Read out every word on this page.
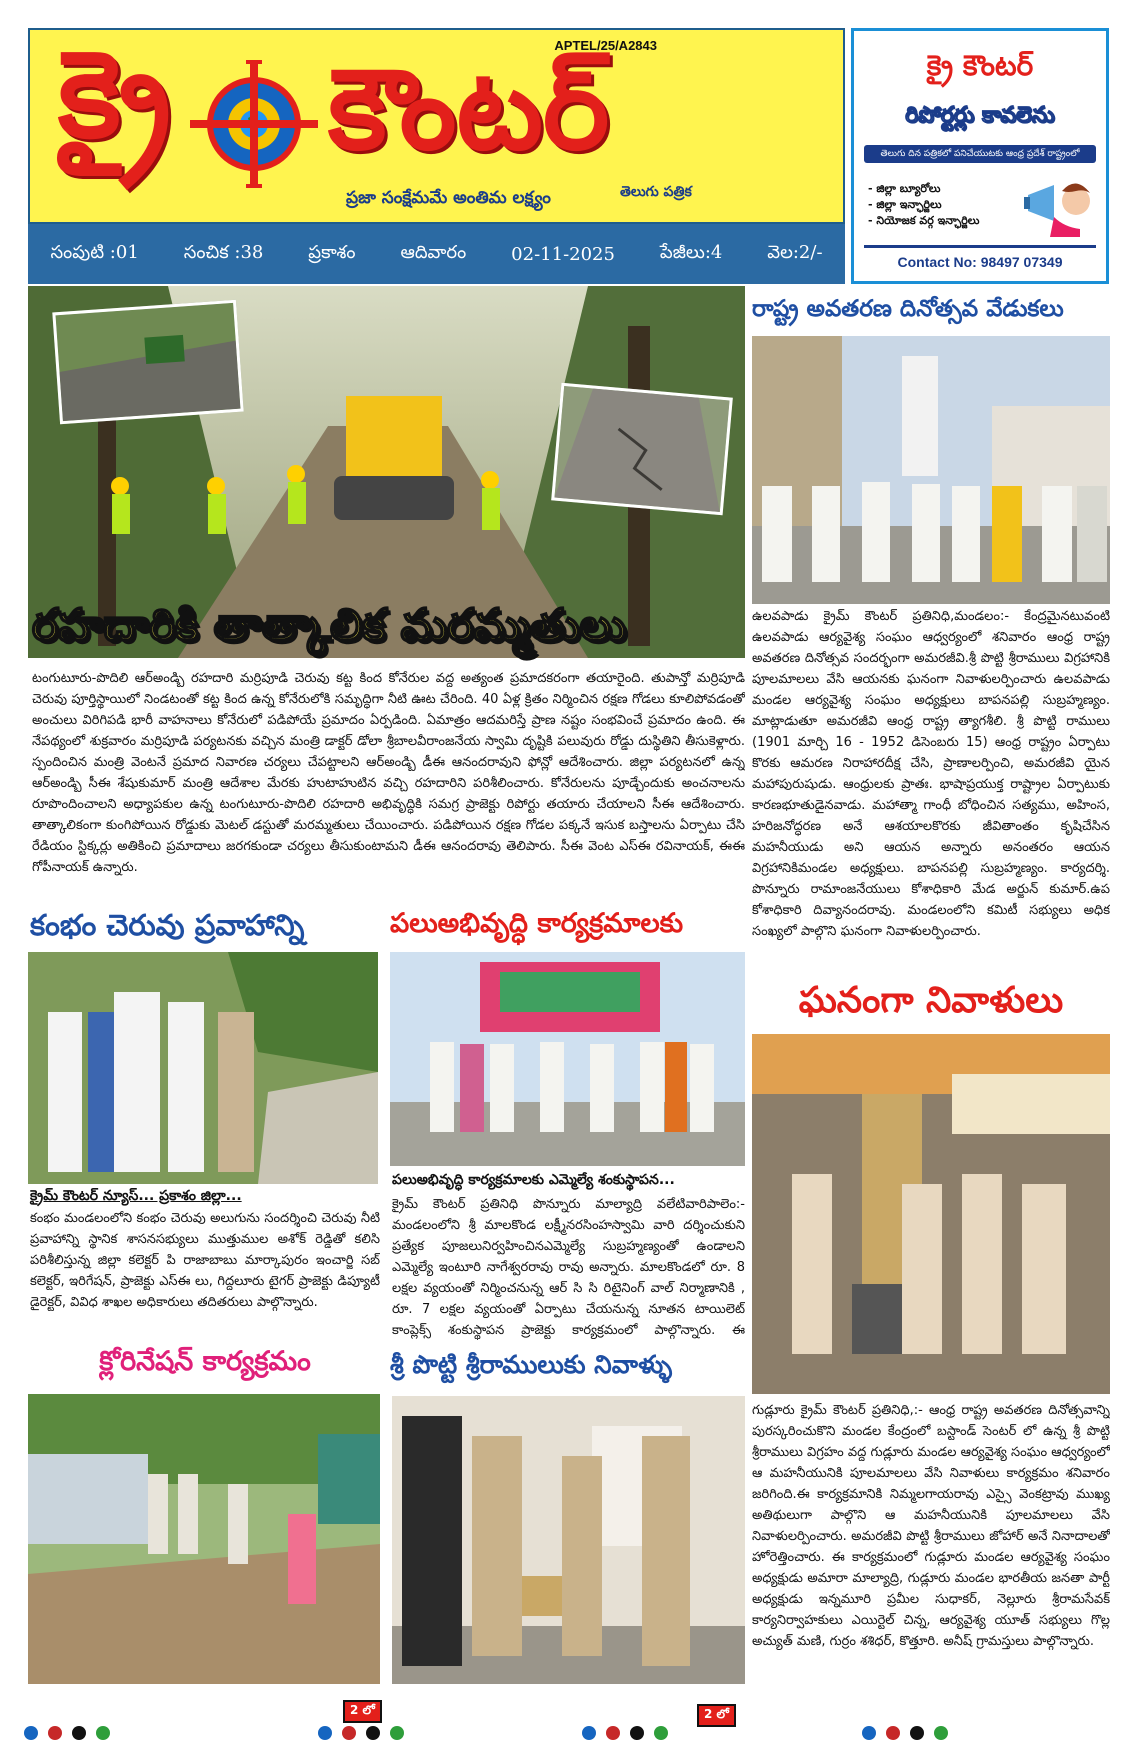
APTEL/25/A2843
క్రై కౌంటర్
ప్రజా సంక్షేమమే అంతిమ లక్ష్యం	తెలుగు పత్రిక
సంపుటి :01 సంచిక :38 ప్రకాశం ఆదివారం 02-11-2025 పేజీలు:4 వెల:2/-
క్రై కౌంటర్
రిపోర్టర్లు కావలెను
తెలుగు దిన పత్రికలో పనిచేయుటకు ఆంధ్ర ప్రదేశ్ రాష్ట్రంలో
- జిల్లా బ్యూరోలు
- జిల్లా ఇన్ఛార్జిలు
- నియోజక వర్గ ఇన్ఛార్జిలు
Contact No: 98497 07349
రహదారికి తాత్కాలిక మరమ్మతులు
టంగుటూరు-పొదిలి ఆర్అండ్బి రహదారి మర్రిపూడి చెరువు కట్ట కింద కోనేరుల వద్ద అత్యంత ప్రమాదకరంగా తయారైంది. తుపాన్తో మర్రిపూడి చెరువు పూర్తిస్థాయిలో నిండటంతో కట్ట కింద ఉన్న కోనేరులోకి సమృద్ధిగా నీటి ఊట చేరింది. 40 ఏళ్ల క్రితం నిర్మించిన రక్షణ గోడలు కూలిపోవడంతో అంచులు విరిగిపడి భారీ వాహనాలు కోనేరులో పడిపోయే ప్రమాదం ఏర్పడింది. ఏమాత్రం ఆదమరిస్తే ప్రాణ నష్టం సంభవించే ప్రమాదం ఉంది. ఈ నేపథ్యంలో శుక్రవారం మర్రిపూడి పర్యటనకు వచ్చిన మంత్రి డాక్టర్ డోలా శ్రీబాలవీరాంజనేయ స్వామి దృష్టికి పలువురు రోడ్డు దుస్థితిని తీసుకెళ్లారు. స్పందించిన మంత్రి వెంటనే ప్రమాద నివారణ చర్యలు చేపట్టాలని ఆర్అండ్బి డీఈ ఆనందరావుని ఫోన్లో ఆదేశించారు. జిల్లా పర్యటనలో ఉన్న ఆర్అండ్బి సీఈ శేషుకుమార్ మంత్రి ఆదేశాల మేరకు హుటాహుటిన వచ్చి రహదారిని పరిశీలించారు. కోనేరులను పూడ్చేందుకు అంచనాలను రూపొందించాలని అధ్యాపకుల ఉన్న టంగుటూరు-పొదిలి రహదారి అభివృద్ధికి సమగ్ర ప్రాజెక్టు రిపోర్టు తయారు చేయాలని సీఈ ఆదేశించారు. తాత్కాలికంగా కుంగిపోయిన రోడ్డుకు మెటల్ డస్టుతో మరమ్మతులు చేయించారు. పడిపోయిన రక్షణ గోడల పక్కనే ఇసుక బస్తాలను ఏర్పాటు చేసి రేడియం స్టిక్కర్లు అతికించి ప్రమాదాలు జరగకుండా చర్యలు తీసుకుంటామని డీఈ ఆనందరావు తెలిపారు. సీఈ వెంట ఎస్ఈ రవినాయక్, ఈఈ గోపీనాయక్ ఉన్నారు.
రాష్ట్ర అవతరణ దినోత్సవ వేడుకలు
ఉలవపాడు క్రైమ్ కౌంటర్ ప్రతినిధి,మండలం:- కేంద్రమైనటువంటి ఉలవపాడు ఆర్యవైశ్య సంఘం ఆధ్వర్యంలో శనివారం ఆంధ్ర రాష్ట్ర అవతరణ దినోత్సవ సందర్భంగా అమరజీవి.శ్రీ పొట్టి శ్రీరాములు విగ్రహానికి పూలమాలలు వేసి ఆయనకు ఘనంగా నివాళులర్పించారు ఉలవపాడు మండల ఆర్యవైశ్య సంఘం అధ్యక్షులు బాపనపల్లి సుబ్రహ్మణ్యం. మాట్లాడుతూ అమరజీవి ఆంధ్ర రాష్ట్ర త్యాగశీలి. శ్రీ పొట్టి రాములు (1901 మార్చి 16 - 1952 డిసెంబరు 15) ఆంధ్ర రాష్ట్రం ఏర్పాటు కొరకు ఆమరణ నిరాహారదీక్ష చేసి, ప్రాణాలర్పించి, అమరజీవి యైన మహాపురుషుడు. ఆంధ్రులకు ప్రాతః. భాషాప్రయుక్త రాష్ట్రాల ఏర్పాటుకు కారణభూతుడైనవాడు. మహాత్మా గాంధీ బోధించిన సత్యము, అహింస, హరిజనోద్ధరణ అనే ఆశయాలకొరకు జీవితాంతం కృషిచేసిన మహనీయుడు అని ఆయన అన్నారు అనంతరం ఆయన విగ్రహానికిమండల అధ్యక్షులు. బాపనపల్లి సుబ్రహ్మణ్యం. కార్యదర్శి. పొన్నూరు రామాంజనేయులు కోశాధికారి మేడ అర్జున్ కుమార్.ఉప కోశాధికారి దివ్యానందరావు. మండలంలోని కమిటీ సభ్యులు అధిక సంఖ్యలో పాల్గొని ఘనంగా నివాళులర్పించారు.
ఘనంగా నివాళులు
గుడ్లూరు క్రైమ్ కౌంటర్ ప్రతినిధి,:- ఆంధ్ర రాష్ట్ర అవతరణ దినోత్సవాన్ని పురస్కరించుకొని మండల కేంద్రంలో బస్టాండ్ సెంటర్ లో ఉన్న శ్రీ పొట్టి శ్రీరాములు విగ్రహం వద్ద గుడ్లూరు మండల ఆర్యవైశ్య సంఘం ఆధ్వర్యంలో ఆ మహనీయునికి పూలమాలలు వేసి నివాళులు కార్యక్రమం శనివారం జరిగింది.ఈ కార్యక్రమానికి నిమ్మలగాయరావు ఎస్సై వెంకట్రావు ముఖ్య అతిథులుగా పాల్గొని ఆ మహనీయునికి పూలమాలలు వేసి నివాళులర్పించారు. అమరజీవి పొట్టి శ్రీరాములు జోహార్ అనే నినాదాలతో హోరెత్తించారు. ఈ కార్యక్రమంలో గుడ్లూరు మండల ఆర్యవైశ్య సంఘం అధ్యక్షుడు అమారా మాల్యాద్రి, గుడ్లూరు మండల భారతీయ జనతా పార్టీ అధ్యక్షుడు ఇన్నమూరి ప్రమీల సుధాకర్, నెల్లూరు శ్రీరామసేవక్ కార్యనిర్వాహకులు ఎయిర్టెల్ చిన్న, ఆర్యవైశ్య యూత్ సభ్యులు గొల్ల అచ్యుత్ మణి, గుర్రం శశిధర్, కొత్తూరి. అనీష్ గ్రామస్తులు పాల్గొన్నారు.
కంభం చెరువు ప్రవాహాన్ని	పలుఅభివృద్ధి కార్యక్రమాలకు
క్రైమ్ కౌంటర్ న్యూస్... ప్రకాశం జిల్లా...
కంభం మండలంలోని కంభం చెరువు అలుగును సందర్శించి చెరువు నీటి ప్రవాహాన్ని స్థానిక శాసనసభ్యులు ముత్తుముల అశోక్ రెడ్డితో కలిసి పరిశీలిస్తున్న జిల్లా కలెక్టర్ పి రాజాబాబు మార్కాపురం ఇంచార్జి సబ్ కలెక్టర్, ఇరిగేషన్, ప్రాజెక్టు ఎస్ఈ లు, గిద్దలూరు టైగర్ ప్రాజెక్టు డిప్యూటీ డైరెక్టర్, వివిధ శాఖల అధికారులు తదితరులు పాల్గొన్నారు.
పలుఅభివృద్ధి కార్యక్రమాలకు ఎమ్మెల్యే శంకుస్థాపన...
క్రైమ్ కౌంటర్ ప్రతినిధి పొన్నూరు మాల్యాద్రి వలేటివారిపాలెం:- మండలంలోని శ్రీ మాలకొండ లక్ష్మీనరసింహస్వామి వారి దర్శించుకుని ప్రత్యేక పూజలునిర్వహించినఎమ్మెల్యే సుబ్రహ్మణ్యంతో ఉండాలని ఎమ్మెల్యే ఇంటూరి నాగేశ్వరరావు రావు అన్నారు. మాలకొండలో రూ. 8 లక్షల వ్యయంతో నిర్మించనున్న ఆర్ సి సి రిటైనింగ్ వాల్ నిర్మాణానికి , రూ. 7 లక్షల వ్యయంతో ఏర్పాటు చేయనున్న నూతన టాయిలెట్ కాంప్లెక్స్ శంకుస్థాపన ప్రాజెక్టు కార్యక్రమంలో పాల్గొన్నారు. ఈ
క్లోరినేషన్ కార్యక్రమం	శ్రీ పొట్టి శ్రీరాములుకు నివాళ్ళు
2 లో	2 లో
